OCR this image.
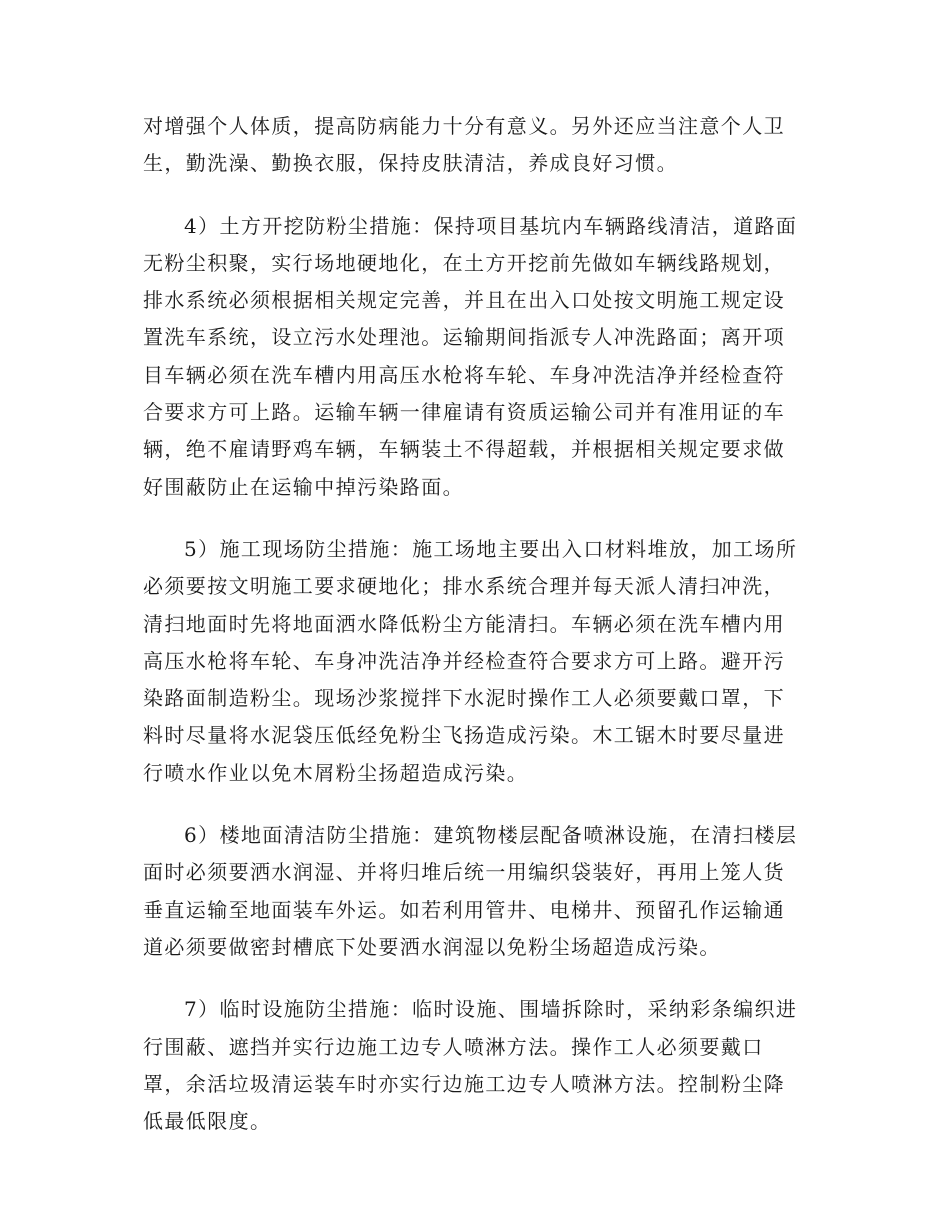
对增强个人体质，提高防病能力十分有意义。另外还应当注意个人卫
生，勤洗澡、勤换衣服，保持皮肤清洁，养成良好习惯。
4）土方开挖防粉尘措施：保持项目基坑内车辆路线清洁，道路面
无粉尘积聚，实行场地硬地化，在土方开挖前先做如车辆线路规划，
排水系统必须根据相关规定完善，并且在出入口处按文明施工规定设
置洗车系统，设立污水处理池。运输期间指派专人冲洗路面；离开项
目车辆必须在洗车槽内用高压水枪将车轮、车身冲洗洁净并经检查符
合要求方可上路。运输车辆一律雇请有资质运输公司并有准用证的车
辆，绝不雇请野鸡车辆，车辆装土不得超载，并根据相关规定要求做
好围蔽防止在运输中掉污染路面。
5）施工现场防尘措施：施工场地主要出入口材料堆放，加工场所
必须要按文明施工要求硬地化；排水系统合理并每天派人清扫冲洗，
清扫地面时先将地面洒水降低粉尘方能清扫。车辆必须在洗车槽内用
高压水枪将车轮、车身冲洗洁净并经检查符合要求方可上路。避开污
染路面制造粉尘。现场沙浆搅拌下水泥时操作工人必须要戴口罩，下
料时尽量将水泥袋压低经免粉尘飞扬造成污染。木工锯木时要尽量进
行喷水作业以免木屑粉尘扬超造成污染。
6）楼地面清洁防尘措施：建筑物楼层配备喷淋设施，在清扫楼层
面时必须要洒水润湿、并将归堆后统一用编织袋装好，再用上笼人货
垂直运输至地面装车外运。如若利用管井、电梯井、预留孔作运输通
道必须要做密封槽底下处要洒水润湿以免粉尘场超造成污染。
7）临时设施防尘措施：临时设施、围墙拆除时，采纳彩条编织进
行围蔽、遮挡并实行边施工边专人喷淋方法。操作工人必须要戴口
罩，余活垃圾清运装车时亦实行边施工边专人喷淋方法。控制粉尘降
低最低限度。
